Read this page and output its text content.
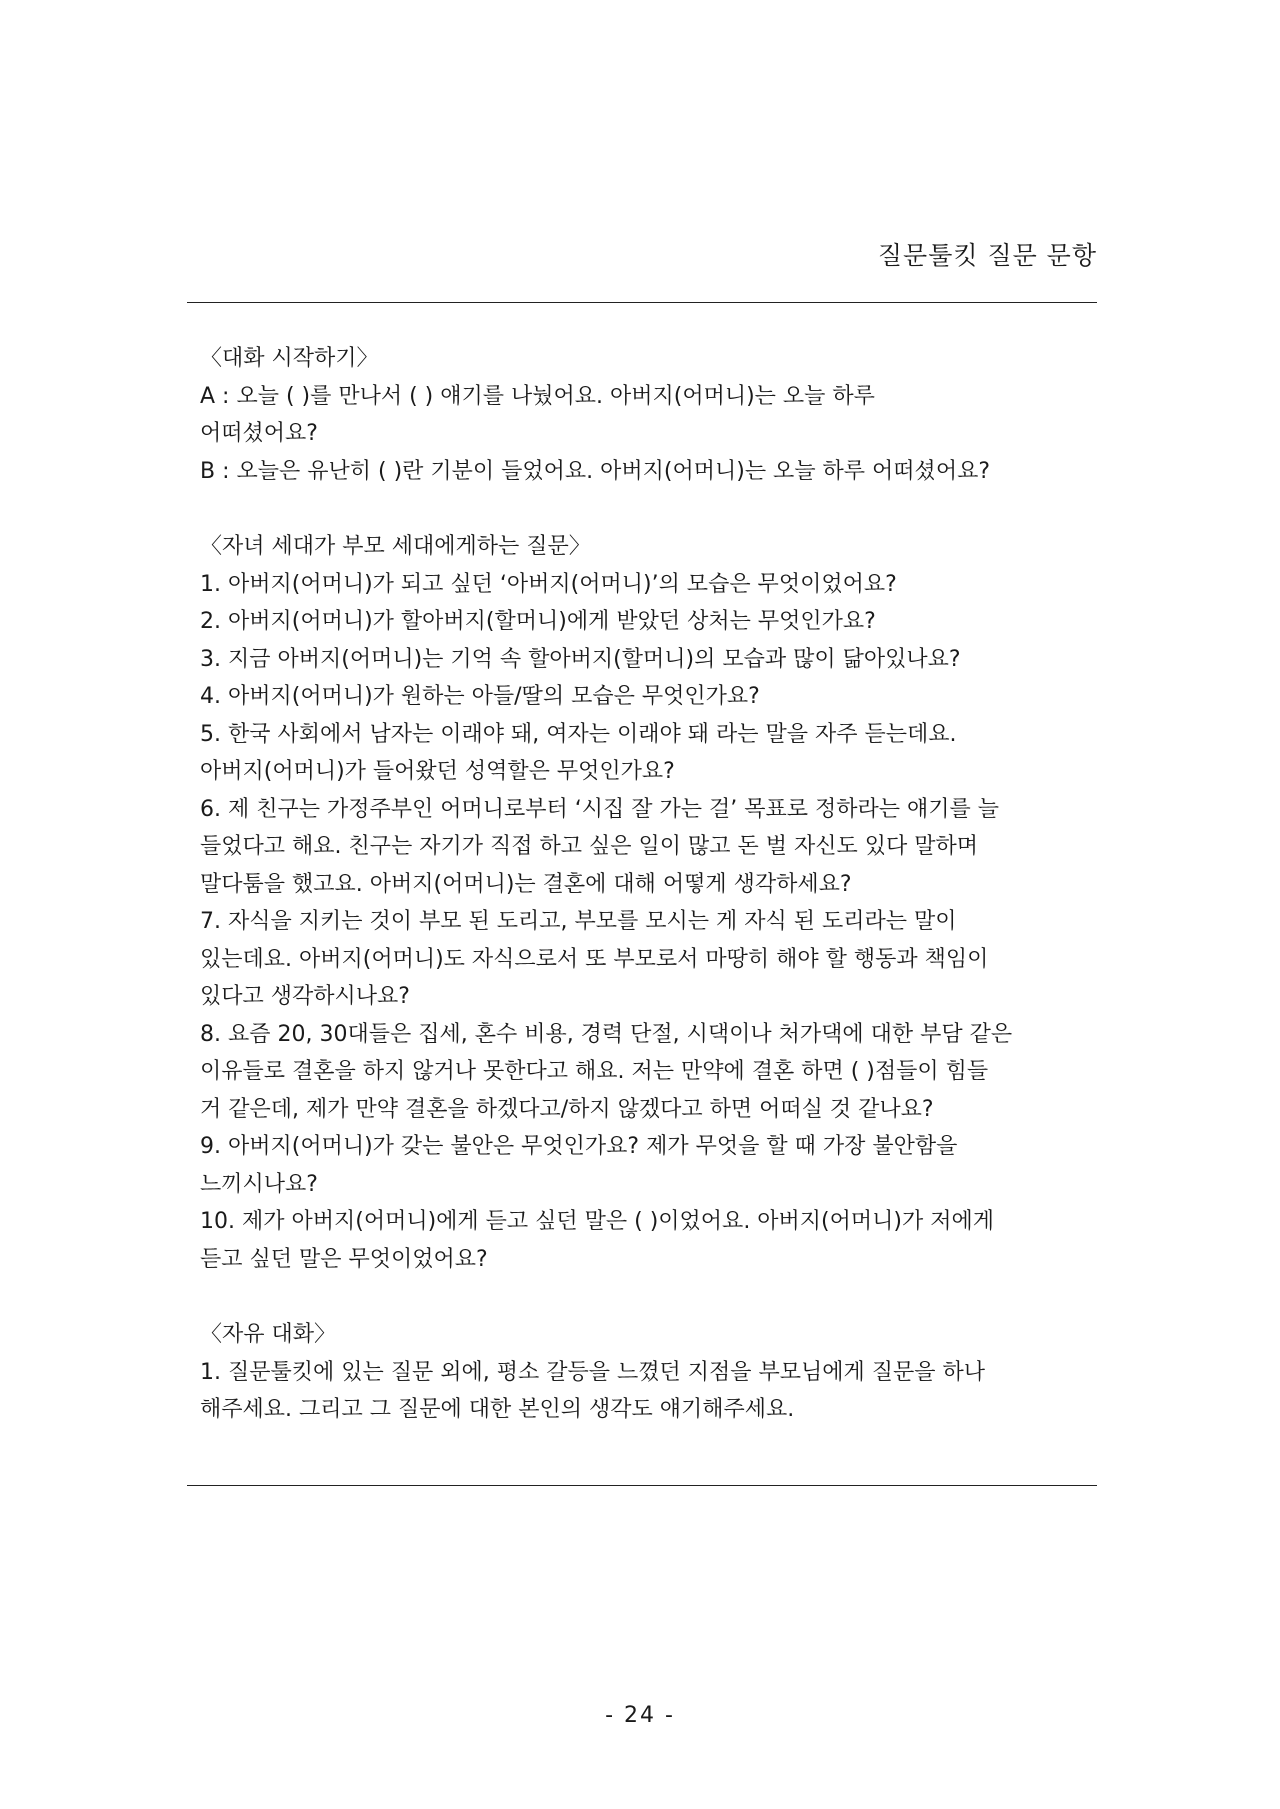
질문툴킷 질문 문항
〈대화 시작하기〉

A : 오늘 ( )를 만나서 ( ) 얘기를 나눴어요. 아버지(어머니)는 오늘 하루

어떠셨어요?

B : 오늘은 유난히 ( )란 기분이 들었어요. 아버지(어머니)는 오늘 하루 어떠셨어요?

〈자녀 세대가 부모 세대에게하는 질문〉

1. 아버지(어머니)가 되고 싶던 ‘아버지(어머니)’의 모습은 무엇이었어요?

2. 아버지(어머니)가 할아버지(할머니)에게 받았던 상처는 무엇인가요?

3. 지금 아버지(어머니)는 기억 속 할아버지(할머니)의 모습과 많이 닮아있나요?

4. 아버지(어머니)가 원하는 아들/딸의 모습은 무엇인가요?

5. 한국 사회에서 남자는 이래야 돼, 여자는 이래야 돼 라는 말을 자주 듣는데요.

아버지(어머니)가 들어왔던 성역할은 무엇인가요?

6. 제 친구는 가정주부인 어머니로부터 ‘시집 잘 가는 걸’ 목표로 정하라는 얘기를 늘

들었다고 해요. 친구는 자기가 직접 하고 싶은 일이 많고 돈 벌 자신도 있다 말하며

말다툼을 했고요. 아버지(어머니)는 결혼에 대해 어떻게 생각하세요?

7. 자식을 지키는 것이 부모 된 도리고, 부모를 모시는 게 자식 된 도리라는 말이

있는데요. 아버지(어머니)도 자식으로서 또 부모로서 마땅히 해야 할 행동과 책임이

있다고 생각하시나요?

8. 요즘 20, 30대들은 집세, 혼수 비용, 경력 단절, 시댁이나 처가댁에 대한 부담 같은

이유들로 결혼을 하지 않거나 못한다고 해요. 저는 만약에 결혼 하면 ( )점들이 힘들

거 같은데, 제가 만약 결혼을 하겠다고/하지 않겠다고 하면 어떠실 것 같나요?

9. 아버지(어머니)가 갖는 불안은 무엇인가요? 제가 무엇을 할 때 가장 불안함을

느끼시나요?

10. 제가 아버지(어머니)에게 듣고 싶던 말은 ( )이었어요. 아버지(어머니)가 저에게

듣고 싶던 말은 무엇이었어요?

〈자유 대화〉

1. 질문툴킷에 있는 질문 외에, 평소 갈등을 느꼈던 지점을 부모님에게 질문을 하나

해주세요. 그리고 그 질문에 대한 본인의 생각도 얘기해주세요.

- 24 -
